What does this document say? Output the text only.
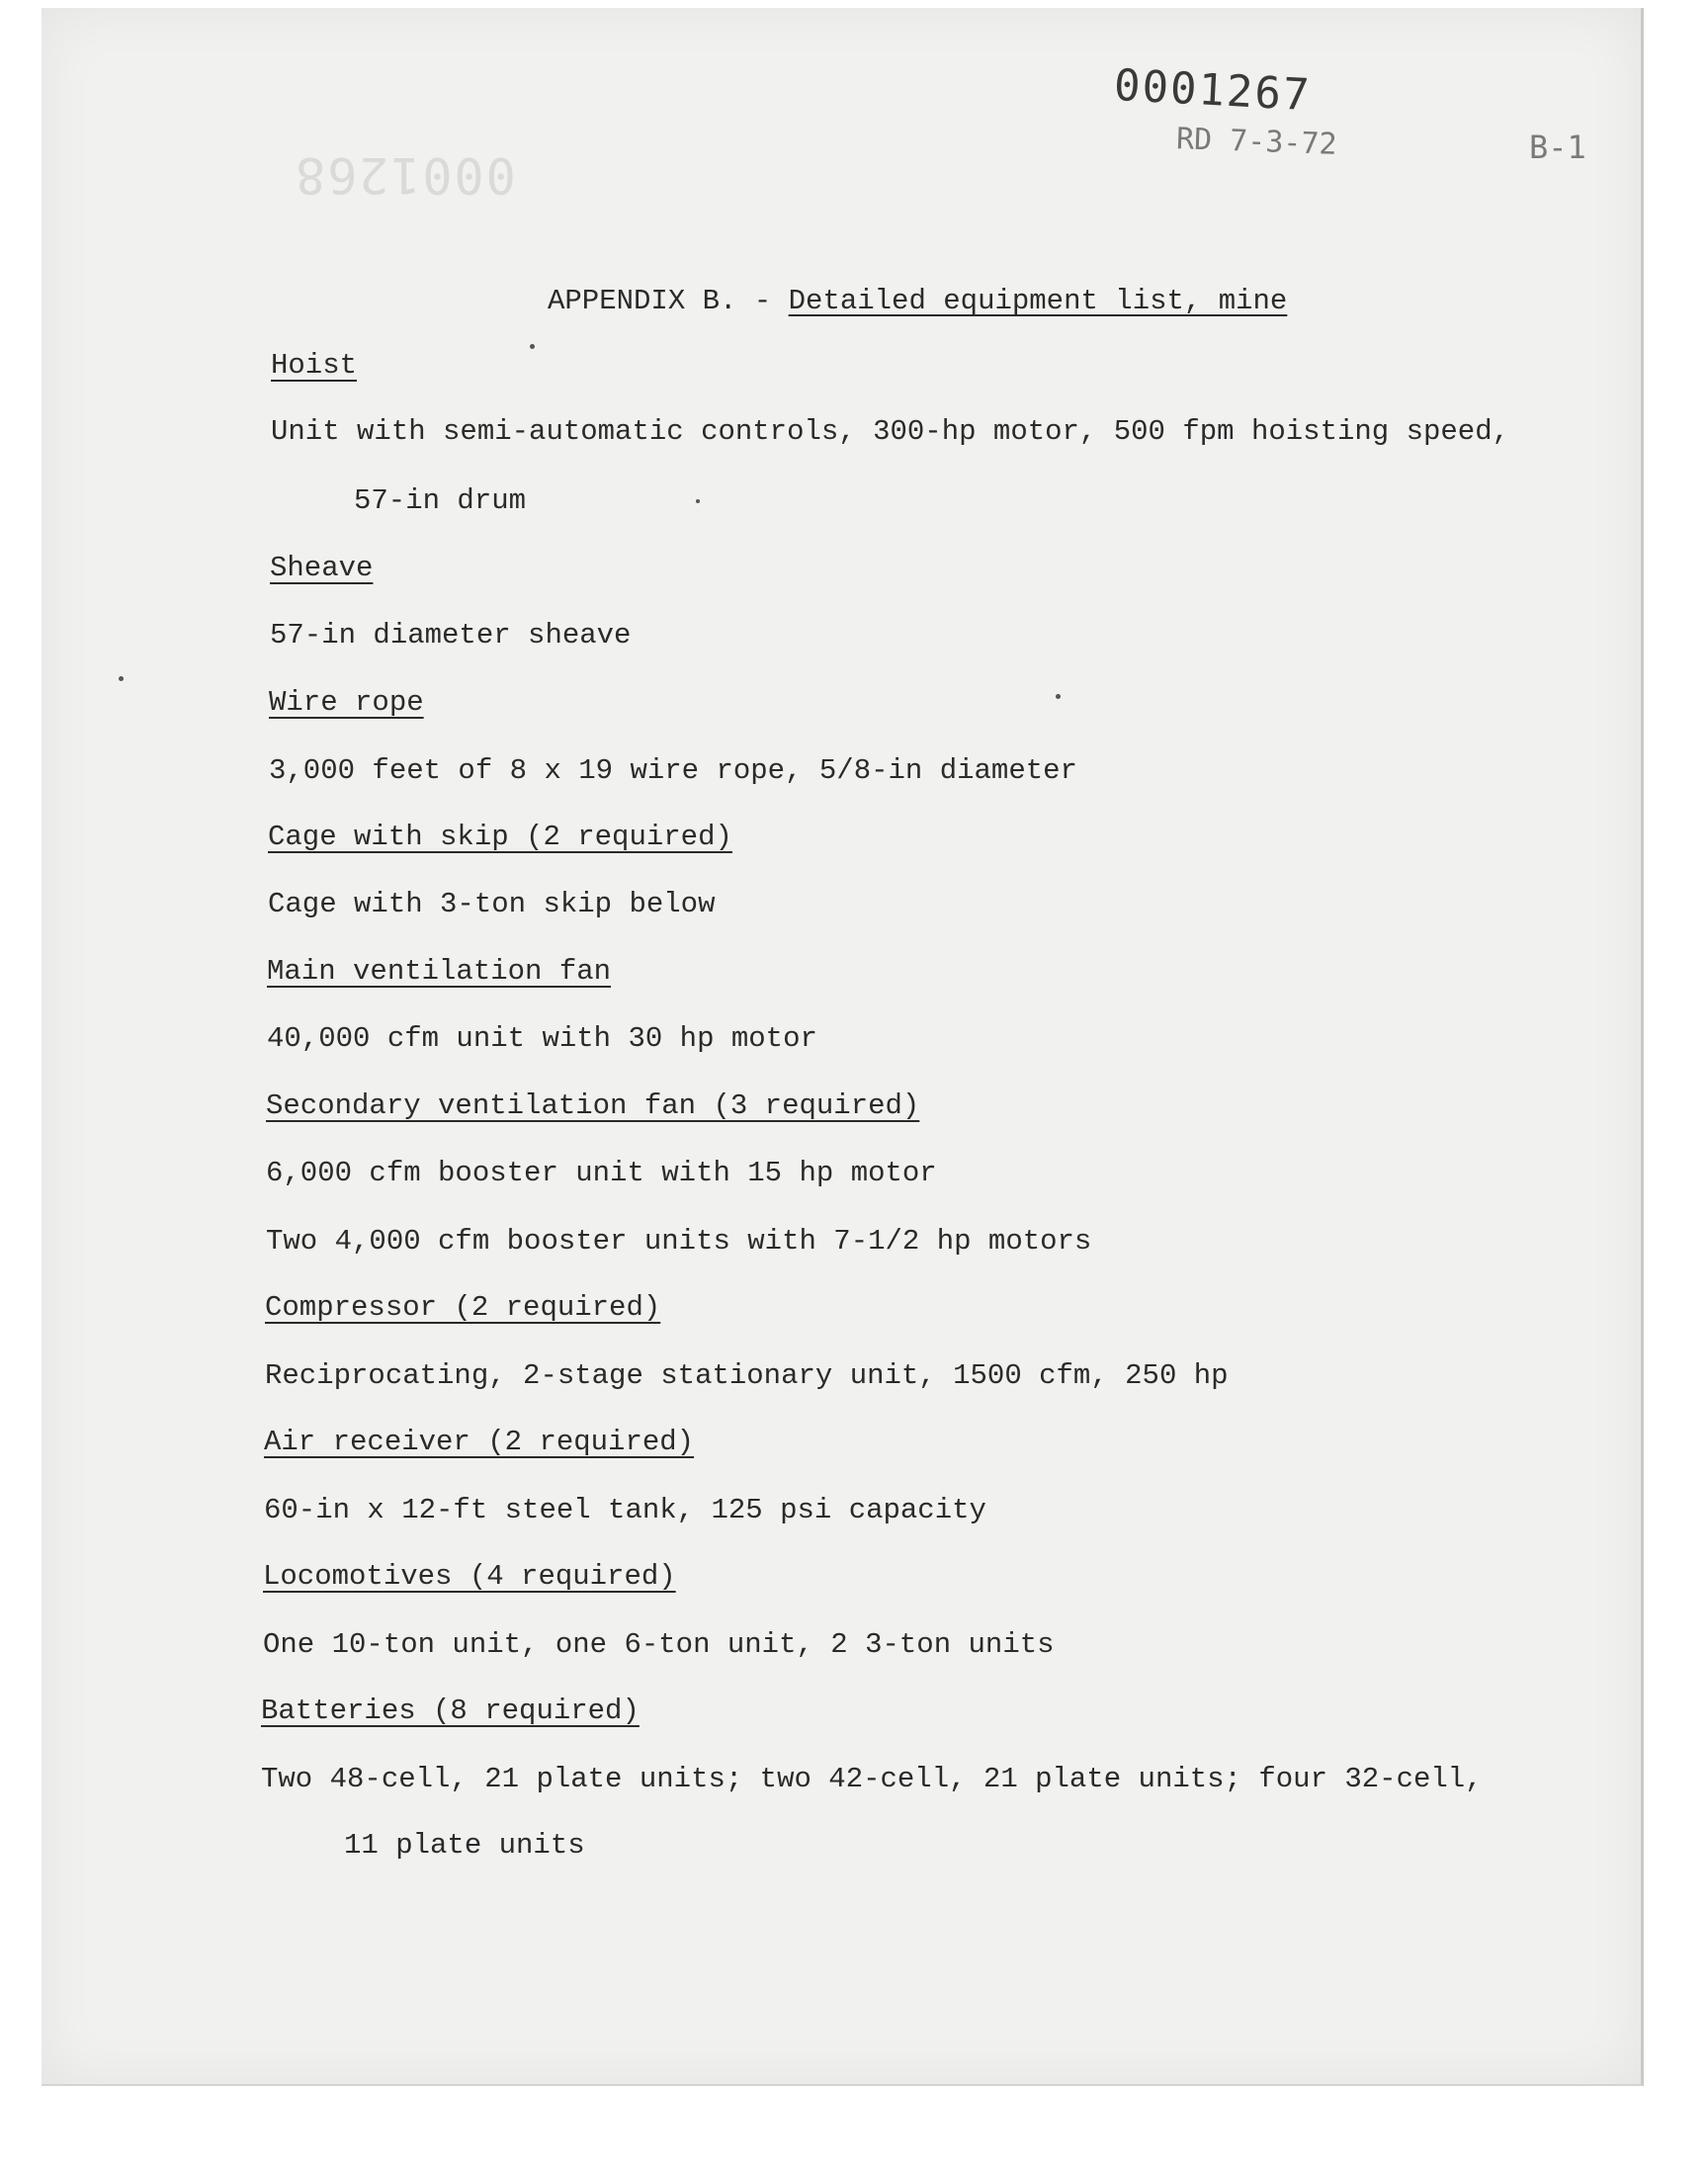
0001268
0001267
RD 7-3-72	B-1
APPENDIX B. - Detailed equipment list, mine
Hoist
Unit with semi-automatic controls, 300-hp motor, 500 fpm hoisting speed,
57-in drum
Sheave
57-in diameter sheave
Wire rope
3,000 feet of 8 x 19 wire rope, 5/8-in diameter
Cage with skip (2 required)
Cage with 3-ton skip below
Main ventilation fan
40,000 cfm unit with 30 hp motor
Secondary ventilation fan (3 required)
6,000 cfm booster unit with 15 hp motor
Two 4,000 cfm booster units with 7-1/2 hp motors
Compressor (2 required)
Reciprocating, 2-stage stationary unit, 1500 cfm, 250 hp
Air receiver (2 required)
60-in x 12-ft steel tank, 125 psi capacity
Locomotives (4 required)
One 10-ton unit, one 6-ton unit, 2 3-ton units
Batteries (8 required)
Two 48-cell, 21 plate units; two 42-cell, 21 plate units; four 32-cell,
11 plate units
